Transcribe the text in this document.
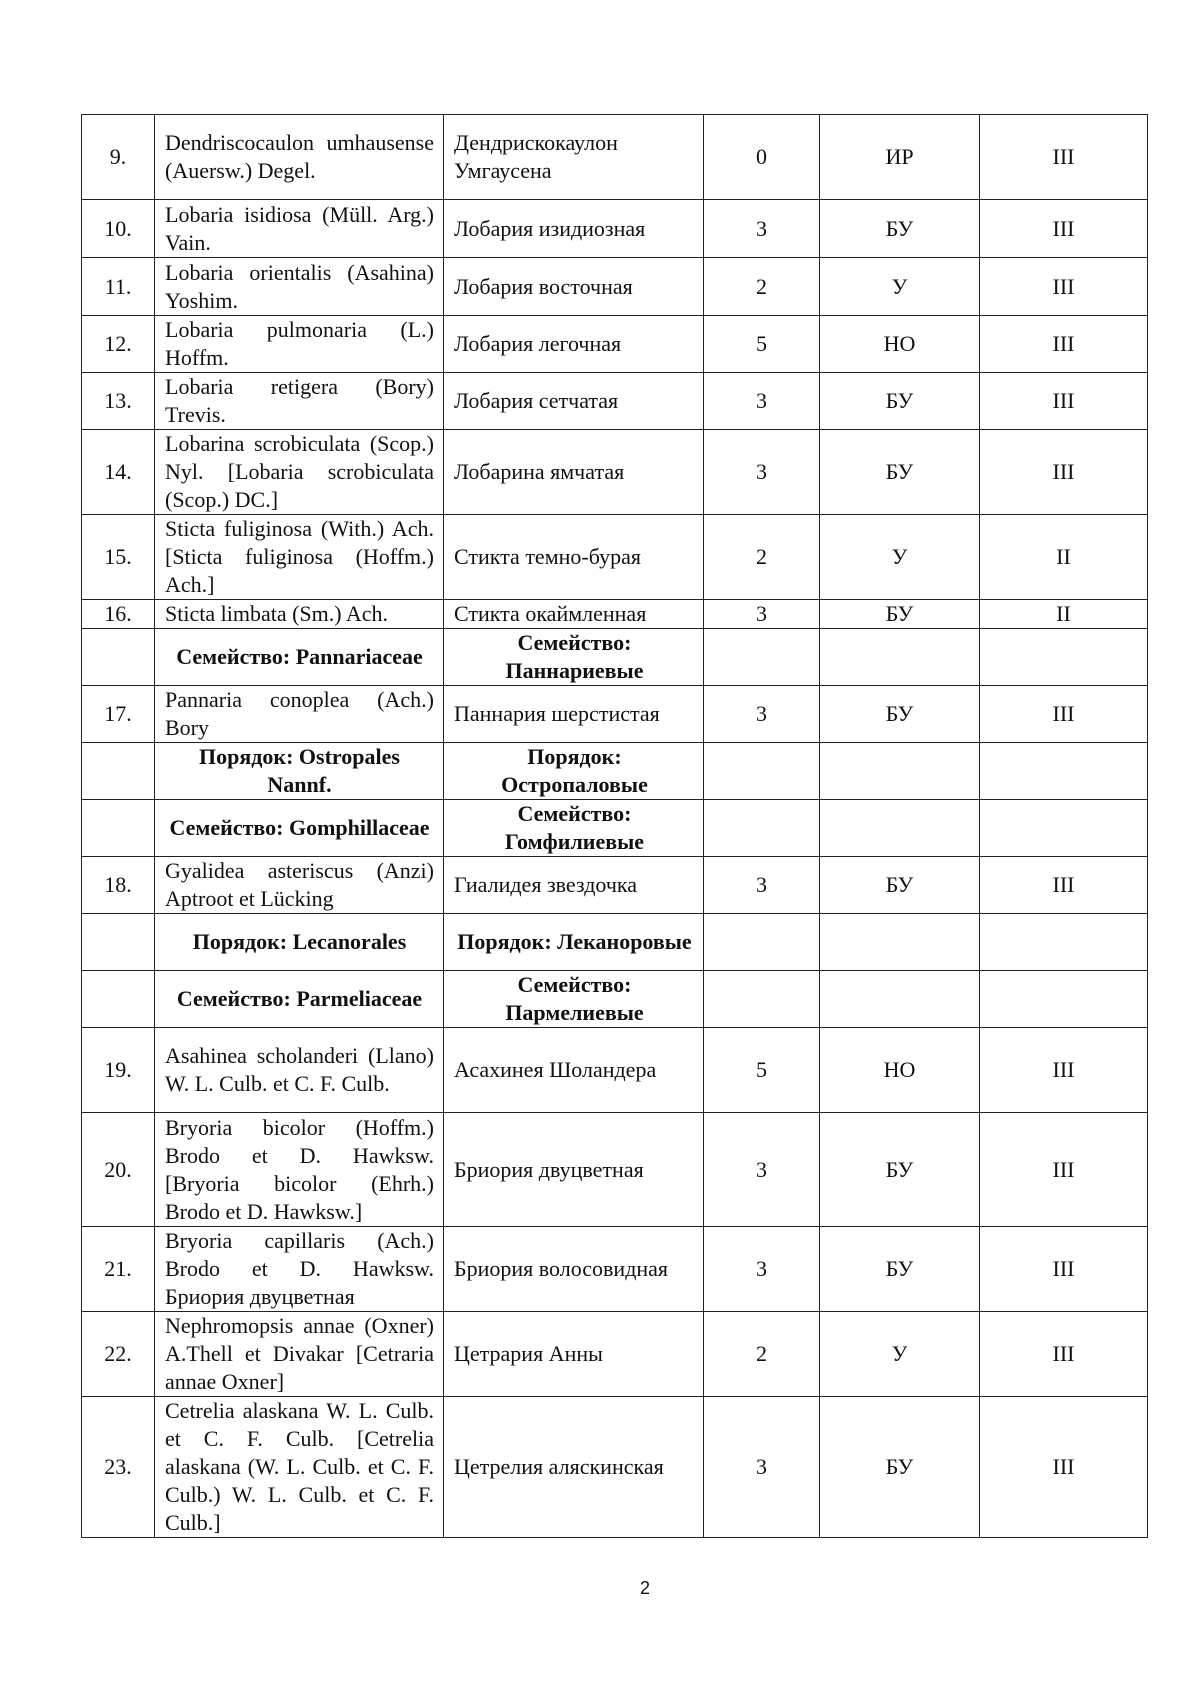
9.	Dendriscocaulon umhausense (Auersw.) Degel.	Дендрискокаулон Умгаусена	0	ИР	III
10.	Lobaria isidiosa (Müll. Arg.) Vain.	Лобария изидиозная	3	БУ	III
11.	Lobaria orientalis (Asahina) Yoshim.	Лобария восточная	2	У	III
12.	Lobaria pulmonaria (L.) Hoffm.	Лобария легочная	5	НО	III
13.	Lobaria retigera (Bory) Trevis.	Лобария сетчатая	3	БУ	III
14.	Lobarina scrobiculata (Scop.) Nyl. [Lobaria scrobiculata (Scop.) DC.]	Лобарина ямчатая	3	БУ	III
15.	Sticta fuliginosa (With.) Ach. [Sticta fuliginosa (Hoffm.) Ach.]	Стикта темно-бурая	2	У	II
16.	Sticta limbata (Sm.) Ach.	Стикта окаймленная	3	БУ	II
	Семейство: Pannariaceae	Семейство: Паннариевые			
17.	Pannaria conoplea (Ach.) Bory	Паннария шерстистая	3	БУ	III
	Порядок: Ostropales Nannf.	Порядок: Остропаловые			
	Семейство: Gomphillaceae	Семейство: Гомфилиевые			
18.	Gyalidea asteriscus (Anzi) Aptroot et Lücking	Гиалидея звездочка	3	БУ	III
	Порядок: Lecanorales	Порядок: Леканоровые			
	Семейство: Parmeliaceae	Семейство: Пармелиевые			
19.	Asahinea scholanderi (Llano) W. L. Culb. et C. F. Culb.	Асахинея Шоландера	5	НО	III
20.	Bryoria bicolor (Hoffm.) Brodo et D. Hawksw. [Bryoria bicolor (Ehrh.) Brodo et D. Hawksw.]	Бриория двуцветная	3	БУ	III
21.	Bryoria capillaris (Ach.) Brodo et D. Hawksw. Бриория двуцветная	Бриория волосовидная	3	БУ	III
22.	Nephromopsis annae (Oxner) A.Thell et Divakar [Cetraria annae Oxner]	Цетрария Анны	2	У	III
23.	Cetrelia alaskana W. L. Culb. et C. F. Culb. [Cetrelia alaskana (W. L. Culb. et C. F. Culb.) W. L. Culb. et C. F. Culb.]	Цетрелия аляскинская	3	БУ	III
2
